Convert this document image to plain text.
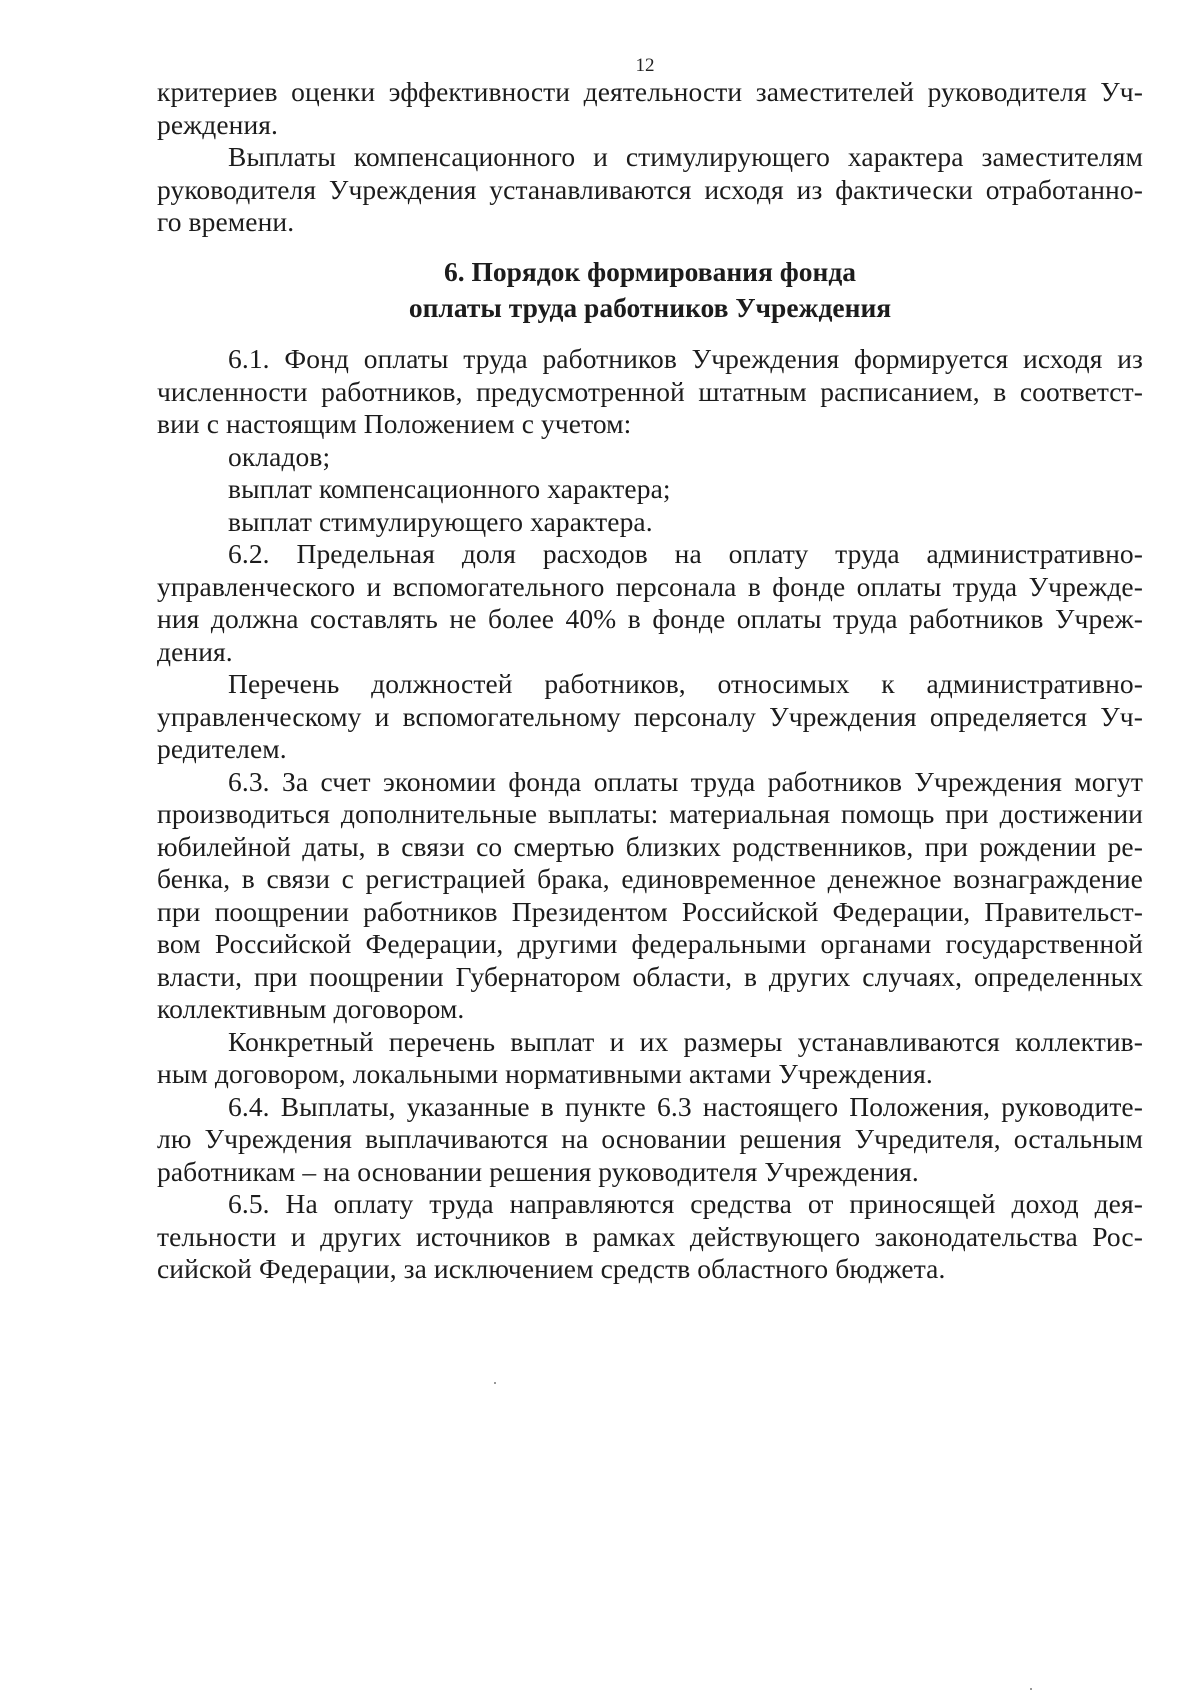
12
критериев оценки эффективности деятельности заместителей руководителя Уч-
реждения.
Выплаты компенсационного и стимулирующего характера заместителям
руководителя Учреждения устанавливаются исходя из фактически отработанно-
го времени.
6. Порядок формирования фонда
оплаты труда работников Учреждения
6.1. Фонд оплаты труда работников Учреждения формируется исходя из
численности работников, предусмотренной штатным расписанием, в соответст-
вии с настоящим Положением с учетом:
окладов;
выплат компенсационного характера;
выплат стимулирующего характера.
6.2. Предельная доля расходов на оплату труда административно-
управленческого и вспомогательного персонала в фонде оплаты труда Учрежде-
ния должна составлять не более 40% в фонде оплаты труда работников Учреж-
дения.
Перечень должностей работников, относимых к административно-
управленческому и вспомогательному персоналу Учреждения определяется Уч-
редителем.
6.3. За счет экономии фонда оплаты труда работников Учреждения могут
производиться дополнительные выплаты: материальная помощь при достижении
юбилейной даты, в связи со смертью близких родственников, при рождении ре-
бенка, в связи с регистрацией брака, единовременное денежное вознаграждение
при поощрении работников Президентом Российской Федерации, Правительст-
вом Российской Федерации, другими федеральными органами государственной
власти, при поощрении Губернатором области, в других случаях, определенных
коллективным договором.
Конкретный перечень выплат и их размеры устанавливаются коллектив-
ным договором, локальными нормативными актами Учреждения.
6.4. Выплаты, указанные в пункте 6.3 настоящего Положения, руководите-
лю Учреждения выплачиваются на основании решения Учредителя, остальным
работникам – на основании решения руководителя Учреждения.
6.5. На оплату труда направляются средства от приносящей доход дея-
тельности и других источников в рамках действующего законодательства Рос-
сийской Федерации, за исключением средств областного бюджета.
